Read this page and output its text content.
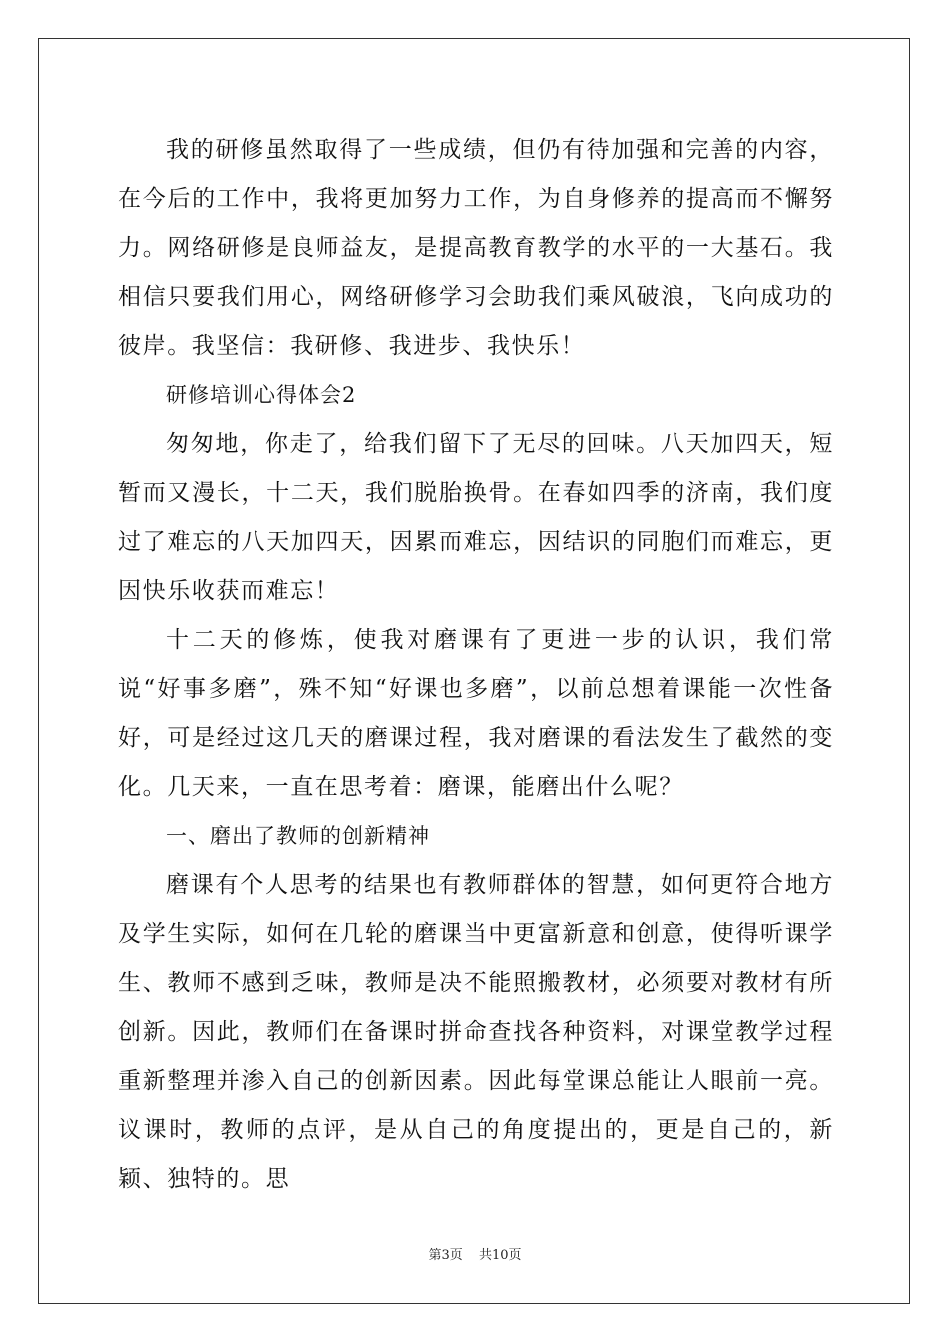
我的研修虽然取得了一些成绩，但仍有待加强和完善的内容，在今后的工作中，我将更加努力工作，为自身修养的提高而不懈努力。网络研修是良师益友，是提高教育教学的水平的一大基石。我相信只要我们用心，网络研修学习会助我们乘风破浪，飞向成功的彼岸。我坚信：我研修、我进步、我快乐！

研修培训心得体会2

匆匆地，你走了，给我们留下了无尽的回味。八天加四天，短暂而又漫长，十二天，我们脱胎换骨。在春如四季的济南，我们度过了难忘的八天加四天，因累而难忘，因结识的同胞们而难忘，更因快乐收获而难忘！

十二天的修炼，使我对磨课有了更进一步的认识，我们常说“好事多磨”，殊不知“好课也多磨”，以前总想着课能一次性备好，可是经过这几天的磨课过程，我对磨课的看法发生了截然的变化。几天来，一直在思考着：磨课，能磨出什么呢？

一、磨出了教师的创新精神

磨课有个人思考的结果也有教师群体的智慧，如何更符合地方及学生实际，如何在几轮的磨课当中更富新意和创意，使得听课学生、教师不感到乏味，教师是决不能照搬教材，必须要对教材有所创新。因此，教师们在备课时拼命查找各种资料，对课堂教学过程重新整理并渗入自己的创新因素。因此每堂课总能让人眼前一亮。议课时，教师的点评，是从自己的角度提出的，更是自己的，新颖、独特的。思

第3页 共10页
